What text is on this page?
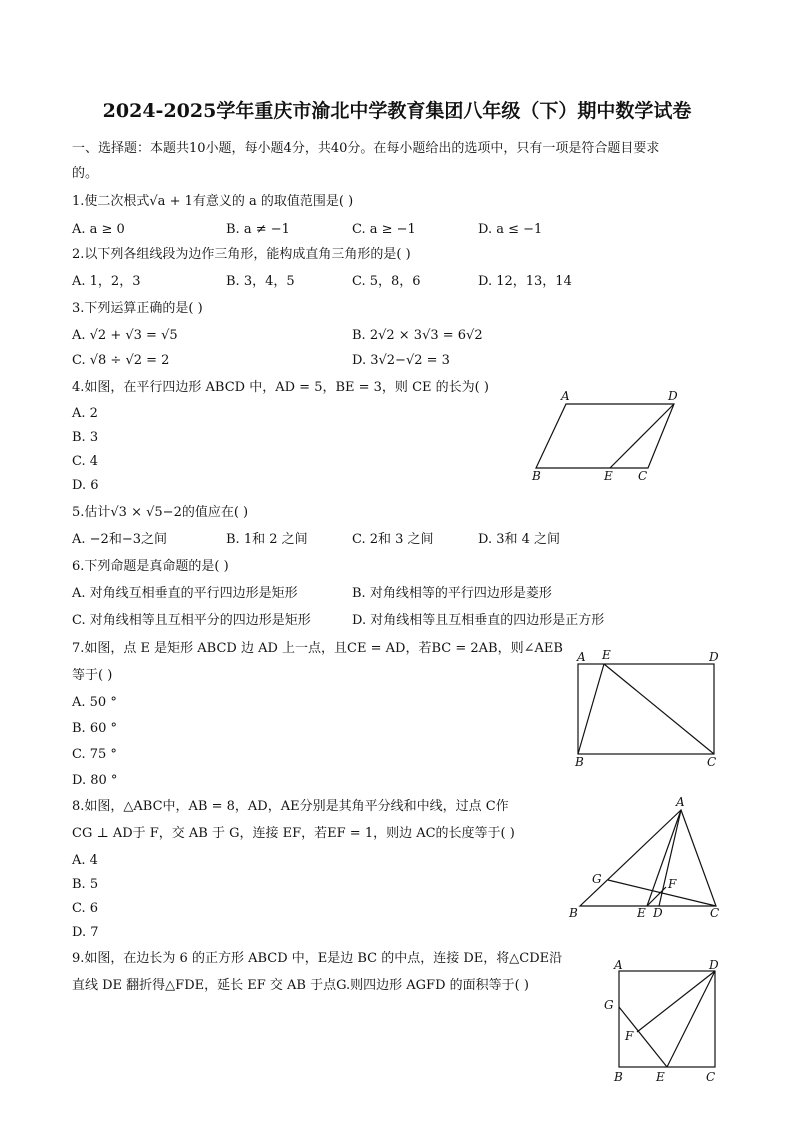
2024-2025学年重庆市渝北中学教育集团八年级（下）期中数学试卷
一、选择题：本题共10小题，每小题4分，共40分。在每小题给出的选项中，只有一项是符合题目要求
的。
1.使二次根式√a + 1有意义的 a 的取值范围是( )
A. a ≥ 0	B. a ≠ −1	C. a ≥ −1	D. a ≤ −1
2.以下列各组线段为边作三角形，能构成直角三角形的是( )
A. 1，2，3	B. 3，4，5	C. 5，8，6	D. 12，13，14
3.下列运算正确的是( )
A. √2 + √3 = √5	B. 2√2 × 3√3 = 6√2
C. √8 ÷ √2 = 2	D. 3√2−√2 = 3
4.如图，在平行四边形 ABCD 中，AD = 5，BE = 3，则 CE 的长为( )
A. 2
B. 3
C. 4
D. 6
A	D
B	E C
5.估计√3 × √5−2的值应在( )
A. −2和−3之间	B. 1和 2 之间	C. 2和 3 之间	D. 3和 4 之间
6.下列命题是真命题的是( )
A. 对角线互相垂直的平行四边形是矩形	B. 对角线相等的平行四边形是菱形
C. 对角线相等且互相平分的四边形是矩形	D. 对角线相等且互相垂直的四边形是正方形
7.如图，点 E 是矩形 ABCD 边 AD 上一点，且CE = AD，若BC = 2AB，则∠AEB
等于( )
A. 50 °
B. 60 °
C. 75 °
D. 80 °
A E	D
B	C
8.如图，△ABC中，AB = 8，AD，AE分别是其角平分线和中线，过点 C作
CG ⊥ AD于 F，交 AB 于 G，连接 EF，若EF = 1，则边 AC的长度等于( )
A. 4
B. 5
C. 6
D. 7
A
G	F
B	E D	C
9.如图，在边长为 6 的正方形 ABCD 中，E是边 BC 的中点，连接 DE，将△CDE沿
直线 DE 翻折得△FDE，延长 EF 交 AB 于点G.则四边形 AGFD 的面积等于( )
A	D
G
F
B	E	C
